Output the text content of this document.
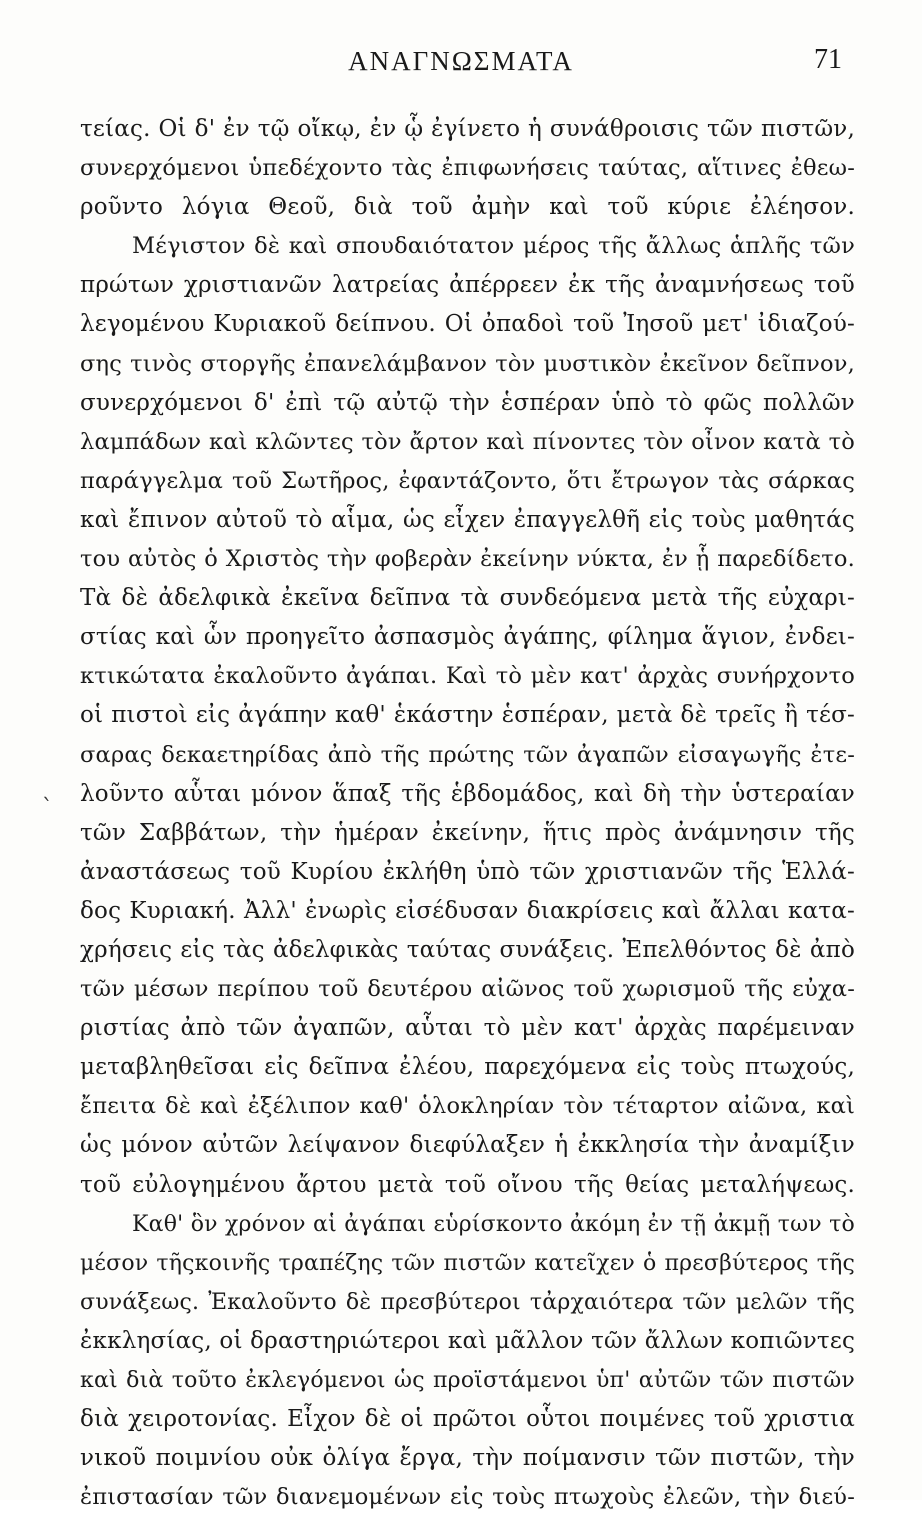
ΑΝΑΓΝΩΣΜΑΤΑ	71
`
τείας. Οἱ δ' ἐν τῷ οἴκῳ, ἐν ᾧ ἐγίνετο ἡ συνάθροισις τῶν πιστῶν,
συνερχόμενοι ὑπεδέχοντο τὰς ἐπιφωνήσεις ταύτας, αἵτινες ἐθεω-
ροῦντο λόγια Θεοῦ, διὰ τοῦ ἀμὴν καὶ τοῦ κύριε ἐλέησον.
Μέγιστον δὲ καὶ σπουδαιότατον μέρος τῆς ἄλλως ἁπλῆς τῶν
πρώτων χριστιανῶν λατρείας ἀπέρρεεν ἐκ τῆς ἀναμνήσεως τοῦ
λεγομένου Κυριακοῦ δείπνου. Οἱ ὀπαδοὶ τοῦ Ἰησοῦ μετ' ἰδιαζού-
σης τινὸς στοργῆς ἐπανελάμβανον τὸν μυστικὸν ἐκεῖνον δεῖπνον,
συνερχόμενοι δ' ἐπὶ τῷ αὐτῷ τὴν ἑσπέραν ὑπὸ τὸ φῶς πολλῶν
λαμπάδων καὶ κλῶντες τὸν ἄρτον καὶ πίνοντες τὸν οἶνον κατὰ τὸ
παράγγελμα τοῦ Σωτῆρος, ἐφαντάζοντο, ὅτι ἔτρωγον τὰς σάρκας
καὶ ἔπινον αὐτοῦ τὸ αἷμα, ὡς εἶχεν ἐπαγγελθῆ εἰς τοὺς μαθητάς
του αὐτὸς ὁ Χριστὸς τὴν φοβερὰν ἐκείνην νύκτα, ἐν ᾗ παρεδίδετο.
Τὰ δὲ ἀδελφικὰ ἐκεῖνα δεῖπνα τὰ συνδεόμενα μετὰ τῆς εὐχαρι-
στίας καὶ ὧν προηγεῖτο ἀσπασμὸς ἀγάπης, φίλημα ἅγιον, ἐνδει-
κτικώτατα ἐκαλοῦντο ἀγάπαι. Καὶ τὸ μὲν κατ' ἀρχὰς συνήρχοντο
οἱ πιστοὶ εἰς ἀγάπην καθ' ἑκάστην ἑσπέραν, μετὰ δὲ τρεῖς ἢ τέσ-
σαρας δεκαετηρίδας ἀπὸ τῆς πρώτης τῶν ἀγαπῶν εἰσαγωγῆς ἐτε-
λοῦντο αὗται μόνον ἅπαξ τῆς ἑβδομάδος, καὶ δὴ τὴν ὑστεραίαν
τῶν Σαββάτων, τὴν ἡμέραν ἐκείνην, ἥτις πρὸς ἀνάμνησιν τῆς
ἀναστάσεως τοῦ Κυρίου ἐκλήθη ὑπὸ τῶν χριστιανῶν τῆς Ἑλλά-
δος Κυριακή. Ἀλλ' ἐνωρὶς εἰσέδυσαν διακρίσεις καὶ ἄλλαι κατα-
χρήσεις εἰς τὰς ἀδελφικὰς ταύτας συνάξεις. Ἐπελθόντος δὲ ἀπὸ
τῶν μέσων περίπου τοῦ δευτέρου αἰῶνος τοῦ χωρισμοῦ τῆς εὐχα-
ριστίας ἀπὸ τῶν ἀγαπῶν, αὗται τὸ μὲν κατ' ἀρχὰς παρέμειναν
μεταβληθεῖσαι εἰς δεῖπνα ἐλέου, παρεχόμενα εἰς τοὺς πτωχούς,
ἔπειτα δὲ καὶ ἐξέλιπον καθ' ὁλοκληρίαν τὸν τέταρτον αἰῶνα, καὶ
ὡς μόνον αὐτῶν λείψανον διεφύλαξεν ἡ ἐκκλησία τὴν ἀναμίξιν
τοῦ εὐλογημένου ἄρτου μετὰ τοῦ οἴνου τῆς θείας μεταλήψεως.
Καθ' ὃν χρόνον αἱ ἀγάπαι εὑρίσκοντο ἀκόμη ἐν τῇ ἀκμῇ των τὸ
μέσον τῆςκοινῆς τραπέζης τῶν πιστῶν κατεῖχεν ὁ πρεσβύτερος τῆς
συνάξεως. Ἐκαλοῦντο δὲ πρεσβύτεροι τἀρχαιότερα τῶν μελῶν τῆς
ἐκκλησίας, οἱ δραστηριώτεροι καὶ μᾶλλον τῶν ἄλλων κοπιῶντες
καὶ διὰ τοῦτο ἐκλεγόμενοι ὡς προϊστάμενοι ὑπ' αὐτῶν τῶν πιστῶν
διὰ χειροτονίας. Εἶχον δὲ οἱ πρῶτοι οὗτοι ποιμένες τοῦ χριστια
νικοῦ ποιμνίου οὐκ ὀλίγα ἔργα, τὴν ποίμανσιν τῶν πιστῶν, τὴν
ἐπιστασίαν τῶν διανεμομένων εἰς τοὺς πτωχοὺς ἐλεῶν, τὴν διεύ-
